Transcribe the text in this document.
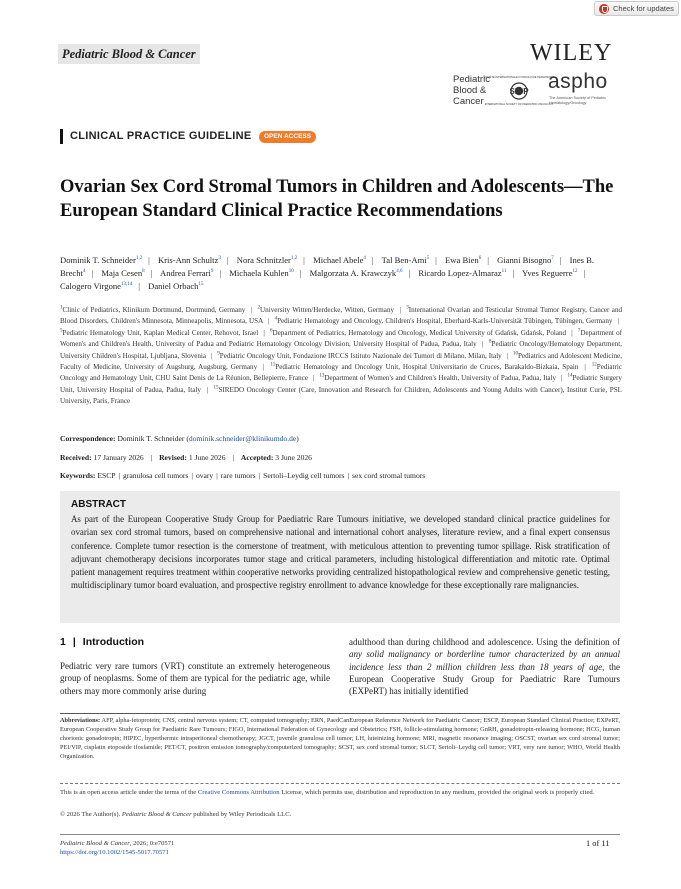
Check for updates
Pediatric Blood & Cancer	WILEY
Pediatric
Blood &
Cancer
SOCIÉTÉ INTERNATIONALE D'ONCOLOGIE PÉDIATRIQUE
SIOP
INTERNATIONAL SOCIETY OF PAEDIATRIC ONCOLOGY
aspho
The American Society of Pediatric Hematology/Oncology
CLINICAL PRACTICE GUIDELINE	OPEN ACCESS
Ovarian Sex Cord Stromal Tumors in Children and Adolescents—The European Standard Clinical Practice Recommendations
Dominik T. Schneider$^{1,2}$ | Kris-Ann Schultz$^3$ | Nora Schnitzler$^{1,2}$ | Michael Abele$^4$ | Tal Ben-Ami$^5$ | Ewa Bien$^6$ | Gianni Bisogno$^7$ | Ines B. Brecht$^4$ | Maja Cesen$^8$ | Andrea Ferrari$^9$ | Michaela Kuhlen$^{10}$ | Malgorzata A. Krawczyk$^{4,6}$ | Ricardo Lopez-Almaraz$^{11}$ | Yves Reguerre$^{12}$ | Calogero Virgone$^{13,14}$ | Daniel Orbach$^{15}$
$^1$Clinic of Pediatrics, Klinikum Dortmund, Dortmund, Germany | $^2$University Witten/Herdecke, Witten, Germany | $^3$International Ovarian and Testicular Stromal Tumor Registry, Cancer and Blood Disorders, Children's Minnesota, Minneapolis, Minnesota, USA | $^4$Pediatric Hematology and Oncology, Children's Hospital, Eberhard-Karls-Universität Tübingen, Tübingen, Germany | $^5$Pediatric Hematology Unit, Kaplan Medical Center, Rehovot, Israel | $^6$Department of Pediatrics, Hematology and Oncology, Medical University of Gdańsk, Gdańsk, Poland | $^7$Department of Women's and Children's Health, University of Padua and Pediatric Hematology Oncology Division, University Hospital of Padua, Padua, Italy | $^8$Pediatric Oncology/Hematology Department, University Children's Hospital, Ljubljana, Slovenia | $^9$Pediatric Oncology Unit, Fondazione IRCCS Istituto Nazionale dei Tumori di Milano, Milan, Italy | $^{10}$Pediatrics and Adolescent Medicine, Faculty of Medicine, University of Augsburg, Augsburg, Germany | $^{11}$Pediatric Hematology and Oncology Unit, Hospital Universitario de Cruces, Barakaldo-Bizkaia, Spain | $^{12}$Pediatric Oncology and Hematology Unit, CHU Saint Denis de La Réunion, Bellepierre, France | $^{13}$Department of Women's and Children's Health, University of Padua, Padua, Italy | $^{14}$Pediatric Surgery Unit, University Hospital of Padua, Padua, Italy | $^{15}$SIREDO Oncology Center (Care, Innovation and Research for Children, Adolescents and Young Adults with Cancer), Institut Curie, PSL University, Paris, France
Correspondence: Dominik T. Schneider (dominik.schneider@klinikumdo.de)
Received: 17 January 2026 | Revised: 1 June 2026 | Accepted: 3 June 2026
Keywords: ESCP | granulosa cell tumors | ovary | rare tumors | Sertoli–Leydig cell tumors | sex cord stromal tumors
ABSTRACT
As part of the European Cooperative Study Group for Paediatric Rare Tumours initiative, we developed standard clinical practice guidelines for ovarian sex cord stromal tumors, based on comprehensive national and international cohort analyses, literature review, and a final expert consensus conference. Complete tumor resection is the cornerstone of treatment, with meticulous attention to preventing tumor spillage. Risk stratification of adjuvant chemotherapy decisions incorporates tumor stage and critical parameters, including histological differentiation and mitotic rate. Optimal patient management requires treatment within cooperative networks providing centralized histopathological review and comprehensive genetic testing, multidisciplinary tumor board evaluation, and prospective registry enrollment to advance knowledge for these exceptionally rare malignancies.
1 | Introduction
Pediatric very rare tumors (VRT) constitute an extremely heterogeneous group of neoplasms. Some of them are typical for the pediatric age, while others may more commonly arise during
adulthood than during childhood and adolescence. Using the definition of any solid malignancy or borderline tumor characterized by an annual incidence less than 2 million children less than 18 years of age, the European Cooperative Study Group for Paediatric Rare Tumours (EXPeRT) has initially identified
Abbreviations: AFP, alpha-fetoprotein; CNS, central nervous system; CT, computed tomography; ERN, PaedCanEuropean Reference Network for Paediatric Cancer; ESCP, European Standard Clinical Practice; EXPeRT, European Cooperative Study Group for Paediatric Rare Tumours; FIGO, International Federation of Gynecology and Obstetrics; FSH, follicle-stimulating hormone; GnRH, gonadotropin-releasing hormone; HCG, human chorionic gonadotropin; HIPEC, hyperthermic intraperitoneal chemotherapy; JGCT, juvenile granulosa cell tumor; LH, luteinizing hormone; MRI, magnetic resonance imaging; OSCST, ovarian sex cord stromal tumor; PEI/VIP, cisplatin etoposide ifosfamide; PET/CT, positron emission tomography/computerized tomography; SCST, sex cord stromal tumor; SLCT, Sertoli–Leydig cell tumor; VRT, very rare tumor; WHO, World Health Organization.
This is an open access article under the terms of the Creative Commons Attribution License, which permits use, distribution and reproduction in any medium, provided the original work is properly cited.
© 2026 The Author(s). Pediatric Blood & Cancer published by Wiley Periodicals LLC.
Pediatric Blood & Cancer, 2026; 0:e70571
https://doi.org/10.1002/1545-5017.70571
1 of 11
